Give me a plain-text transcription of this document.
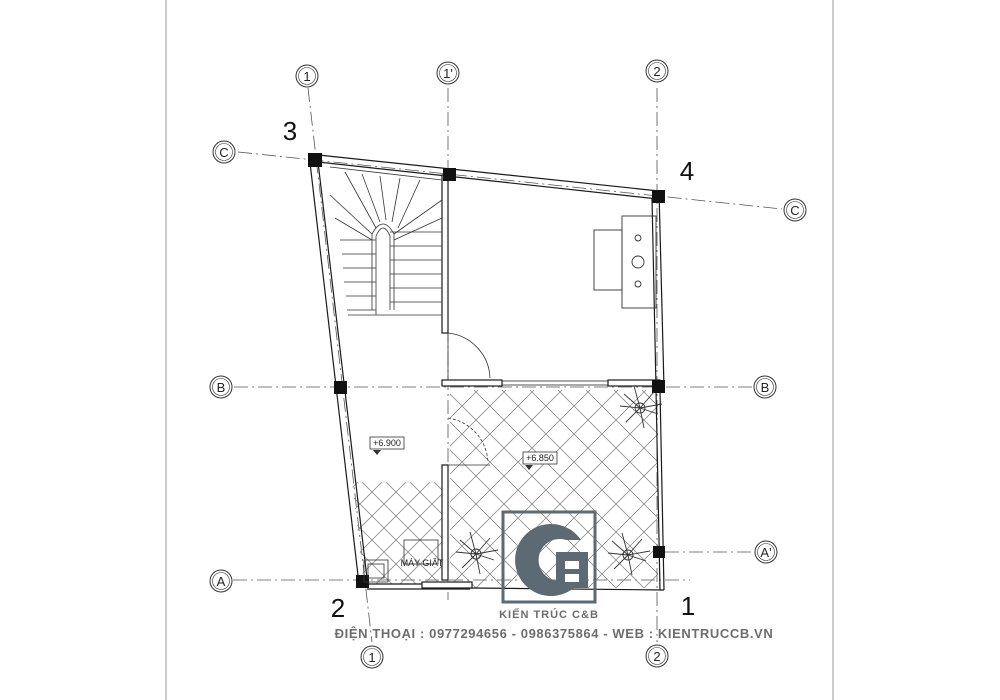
1	1'	2
C
C
B	B
A
A'
1	2
3
4
2	1
+6.900
+6.850
MÁY GIẶT
KIẾN TRÚC C&B
ĐIỆN THOẠI : 0977294656 - 0986375864 - WEB : KIENTRUCCB.VN
